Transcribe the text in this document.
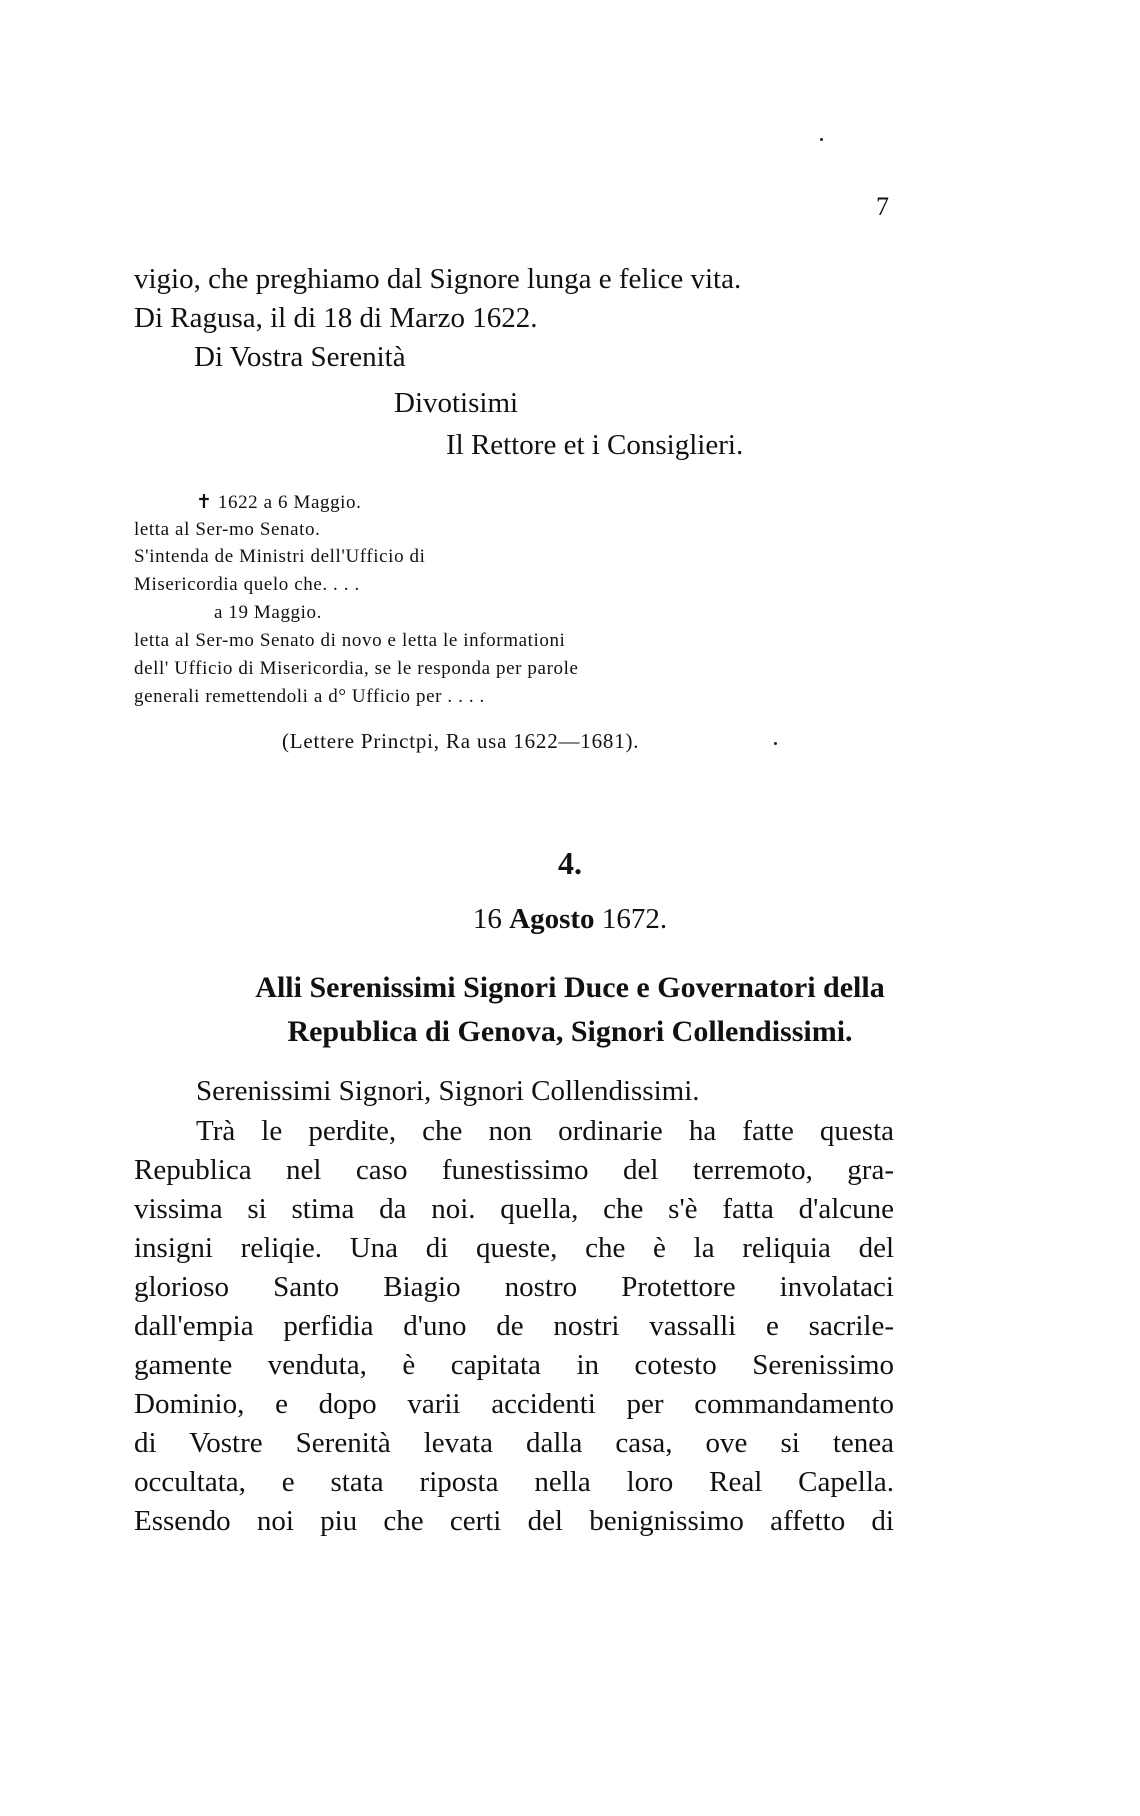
7
vigio, che preghiamo dal Signore lunga e felice vita.
Di Ragusa, il di 18 di Marzo 1622.
Di Vostra Serenità
Divotisimi
Il Rettore et i Consiglieri.
✝ 1622 a 6 Maggio.
letta al Ser-mo Senato.
S'intenda de Ministri dell'Ufficio di
Misericordia quelo che. . . .
a 19 Maggio.
letta al Ser-mo Senato di novo e letta le informationi
dell' Ufficio di Misericordia, se le responda per parole
generali remettendoli a d° Ufficio per . . . .
(Lettere Princtpi, Ra usa 1622—1681).
4.
16 Agosto 1672.
Alli Serenissimi Signori Duce e Governatori della
Republica di Genova, Signori Collendissimi.
Serenissimi Signori, Signori Collendissimi.
Trà le perdite, che non ordinarie ha fatte questa
Republica nel caso funestissimo del terremoto, gra-
vissima si stima da noi. quella, che s'è fatta d'alcune
insigni reliqie. Una di queste, che è la reliquia del
glorioso Santo Biagio nostro Protettore involataci
dall'empia perfidia d'uno de nostri vassalli e sacrile-
gamente venduta, è capitata in cotesto Serenissimo
Dominio, e dopo varii accidenti per commandamento
di Vostre Serenità levata dalla casa, ove si tenea
occultata, e stata riposta nella loro Real Capella.
Essendo noi piu che certi del benignissimo affetto di
